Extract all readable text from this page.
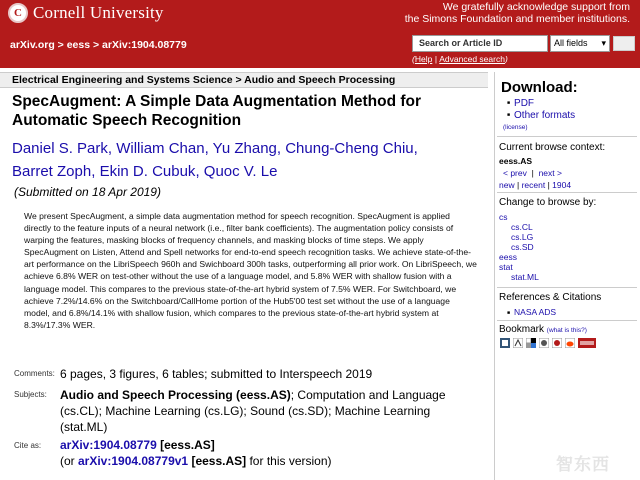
C Cornell University	We gratefully acknowledge support from
the Simons Foundation and member institutions.
arXiv.org > eess > arXiv:1904.08779	Search or Article ID	All fields ▾
(Help | Advanced search)
Electrical Engineering and Systems Science > Audio and Speech Processing
SpecAugment: A Simple Data Augmentation Method for Automatic Speech Recognition
Daniel S. Park, William Chan, Yu Zhang, Chung-Cheng Chiu,
Barret Zoph, Ekin D. Cubuk, Quoc V. Le
(Submitted on 18 Apr 2019)
We present SpecAugment, a simple data augmentation method for speech recognition. SpecAugment is applied directly to the feature inputs of a neural network (i.e., filter bank coefficients). The augmentation policy consists of warping the features, masking blocks of frequency channels, and masking blocks of time steps. We apply SpecAugment on Listen, Attend and Spell networks for end-to-end speech recognition tasks. We achieve state-of-the-art performance on the LibriSpeech 960h and Swichboard 300h tasks, outperforming all prior work. On LibriSpeech, we achieve 6.8% WER on test-other without the use of a language model, and 5.8% WER with shallow fusion with a language model. This compares to the previous state-of-the-art hybrid system of 7.5% WER. For Switchboard, we achieve 7.2%/14.6% on the Switchboard/CallHome portion of the Hub5'00 test set without the use of a language model, and 6.8%/14.1% with shallow fusion, which compares to the previous state-of-the-art hybrid system at 8.3%/17.3% WER.
Comments: 6 pages, 3 figures, 6 tables; submitted to Interspeech 2019
Subjects: Audio and Speech Processing (eess.AS); Computation and Language (cs.CL); Machine Learning (cs.LG); Sound (cs.SD); Machine Learning (stat.ML)
Cite as: arXiv:1904.08779 [eess.AS]
(or arXiv:1904.08779v1 [eess.AS] for this version)
Download:
■ PDF
■ Other formats
(license)
Current browse context:
eess.AS
< prev | next >
new | recent | 1904
Change to browse by:
cs
cs.CL
cs.LG
cs.SD
eess
stat
stat.ML
References & Citations
■ NASA ADS
Bookmark (what is this?)
智东西
